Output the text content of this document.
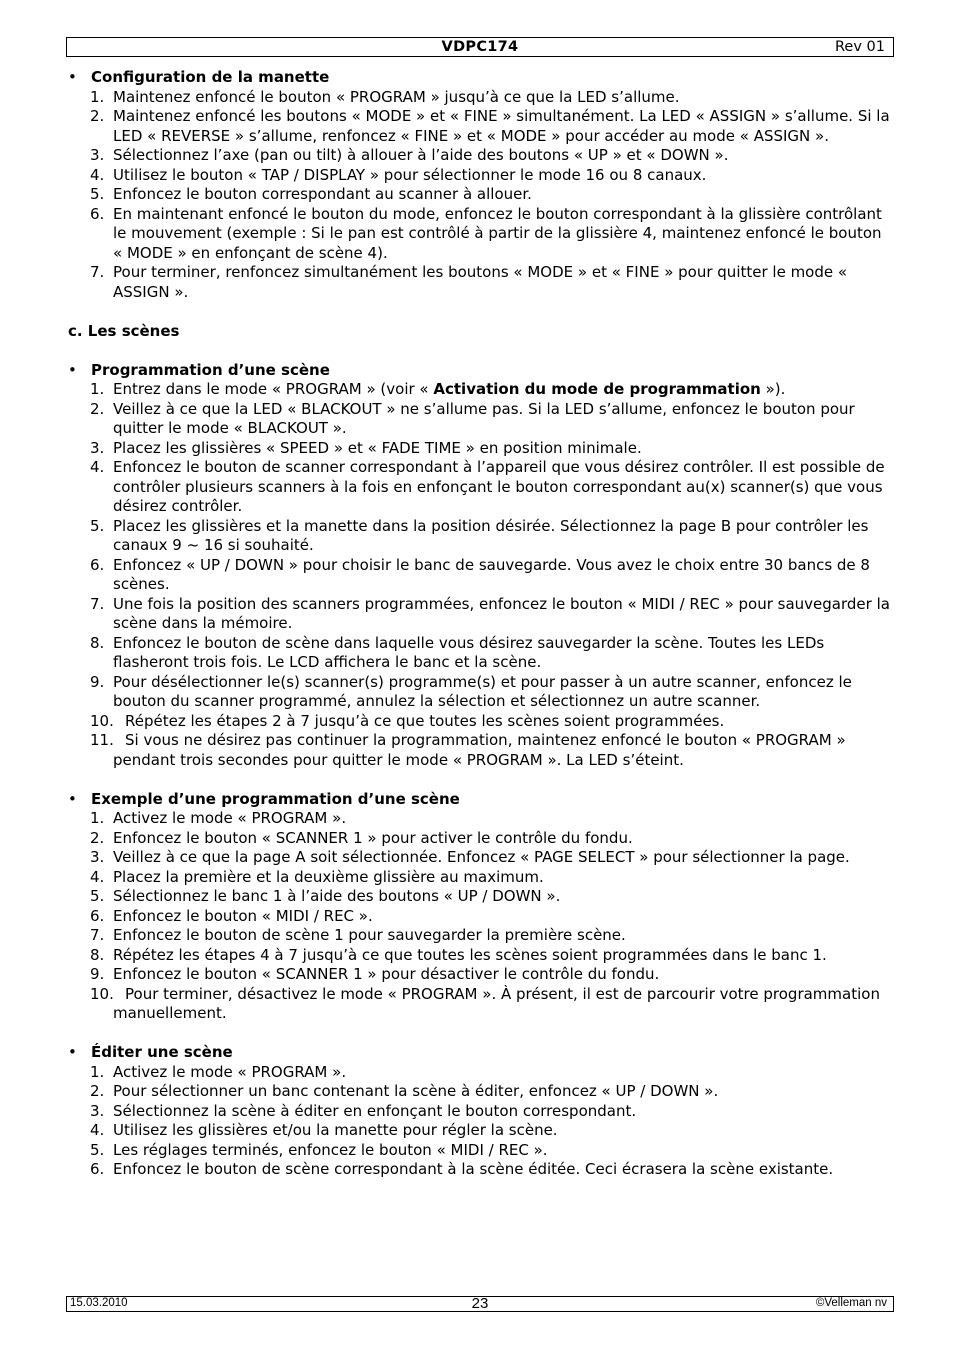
VDPC174	Rev 01
• Configuration de la manette
1. Maintenez enfoncé le bouton « PROGRAM » jusqu’à ce que la LED s’allume.
2. Maintenez enfoncé les boutons « MODE » et « FINE » simultanément. La LED « ASSIGN » s’allume. Si la LED « REVERSE » s’allume, renfoncez « FINE » et « MODE » pour accéder au mode « ASSIGN ».
3. Sélectionnez l’axe (pan ou tilt) à allouer à l’aide des boutons « UP » et « DOWN ».
4. Utilisez le bouton « TAP / DISPLAY » pour sélectionner le mode 16 ou 8 canaux.
5. Enfoncez le bouton correspondant au scanner à allouer.
6. En maintenant enfoncé le bouton du mode, enfoncez le bouton correspondant à la glissière contrôlant le mouvement (exemple : Si le pan est contrôlé à partir de la glissière 4, maintenez enfoncé le bouton « MODE » en enfonçant de scène 4).
7. Pour terminer, renfoncez simultanément les boutons « MODE » et « FINE » pour quitter le mode « ASSIGN ».
c. Les scènes
• Programmation d’une scène
1. Entrez dans le mode « PROGRAM » (voir « Activation du mode de programmation »).
2. Veillez à ce que la LED « BLACKOUT » ne s’allume pas. Si la LED s’allume, enfoncez le bouton pour quitter le mode « BLACKOUT ».
3. Placez les glissières « SPEED » et « FADE TIME » en position minimale.
4. Enfoncez le bouton de scanner correspondant à l’appareil que vous désirez contrôler. Il est possible de contrôler plusieurs scanners à la fois en enfonçant le bouton correspondant au(x) scanner(s) que vous désirez contrôler.
5. Placez les glissières et la manette dans la position désirée. Sélectionnez la page B pour contrôler les canaux 9 ~ 16 si souhaité.
6. Enfoncez « UP / DOWN » pour choisir le banc de sauvegarde. Vous avez le choix entre 30 bancs de 8 scènes.
7. Une fois la position des scanners programmées, enfoncez le bouton « MIDI / REC » pour sauvegarder la scène dans la mémoire.
8. Enfoncez le bouton de scène dans laquelle vous désirez sauvegarder la scène. Toutes les LEDs flasheront trois fois. Le LCD affichera le banc et la scène.
9. Pour désélectionner le(s) scanner(s) programme(s) et pour passer à un autre scanner, enfoncez le bouton du scanner programmé, annulez la sélection et sélectionnez un autre scanner.
10. Répétez les étapes 2 à 7 jusqu’à ce que toutes les scènes soient programmées.
11. Si vous ne désirez pas continuer la programmation, maintenez enfoncé le bouton « PROGRAM » pendant trois secondes pour quitter le mode « PROGRAM ». La LED s’éteint.
• Exemple d’une programmation d’une scène
1. Activez le mode « PROGRAM ».
2. Enfoncez le bouton « SCANNER 1 » pour activer le contrôle du fondu.
3. Veillez à ce que la page A soit sélectionnée. Enfoncez « PAGE SELECT » pour sélectionner la page.
4. Placez la première et la deuxième glissière au maximum.
5. Sélectionnez le banc 1 à l’aide des boutons « UP / DOWN ».
6. Enfoncez le bouton « MIDI / REC ».
7. Enfoncez le bouton de scène 1 pour sauvegarder la première scène.
8. Répétez les étapes 4 à 7 jusqu’à ce que toutes les scènes soient programmées dans le banc 1.
9. Enfoncez le bouton « SCANNER 1 » pour désactiver le contrôle du fondu.
10. Pour terminer, désactivez le mode « PROGRAM ». À présent, il est de parcourir votre programmation manuellement.
• Éditer une scène
1. Activez le mode « PROGRAM ».
2. Pour sélectionner un banc contenant la scène à éditer, enfoncez « UP / DOWN ».
3. Sélectionnez la scène à éditer en enfonçant le bouton correspondant.
4. Utilisez les glissières et/ou la manette pour régler la scène.
5. Les réglages terminés, enfoncez le bouton « MIDI / REC ».
6. Enfoncez le bouton de scène correspondant à la scène éditée. Ceci écrasera la scène existante.
15.03.2010	23	©Velleman nv
